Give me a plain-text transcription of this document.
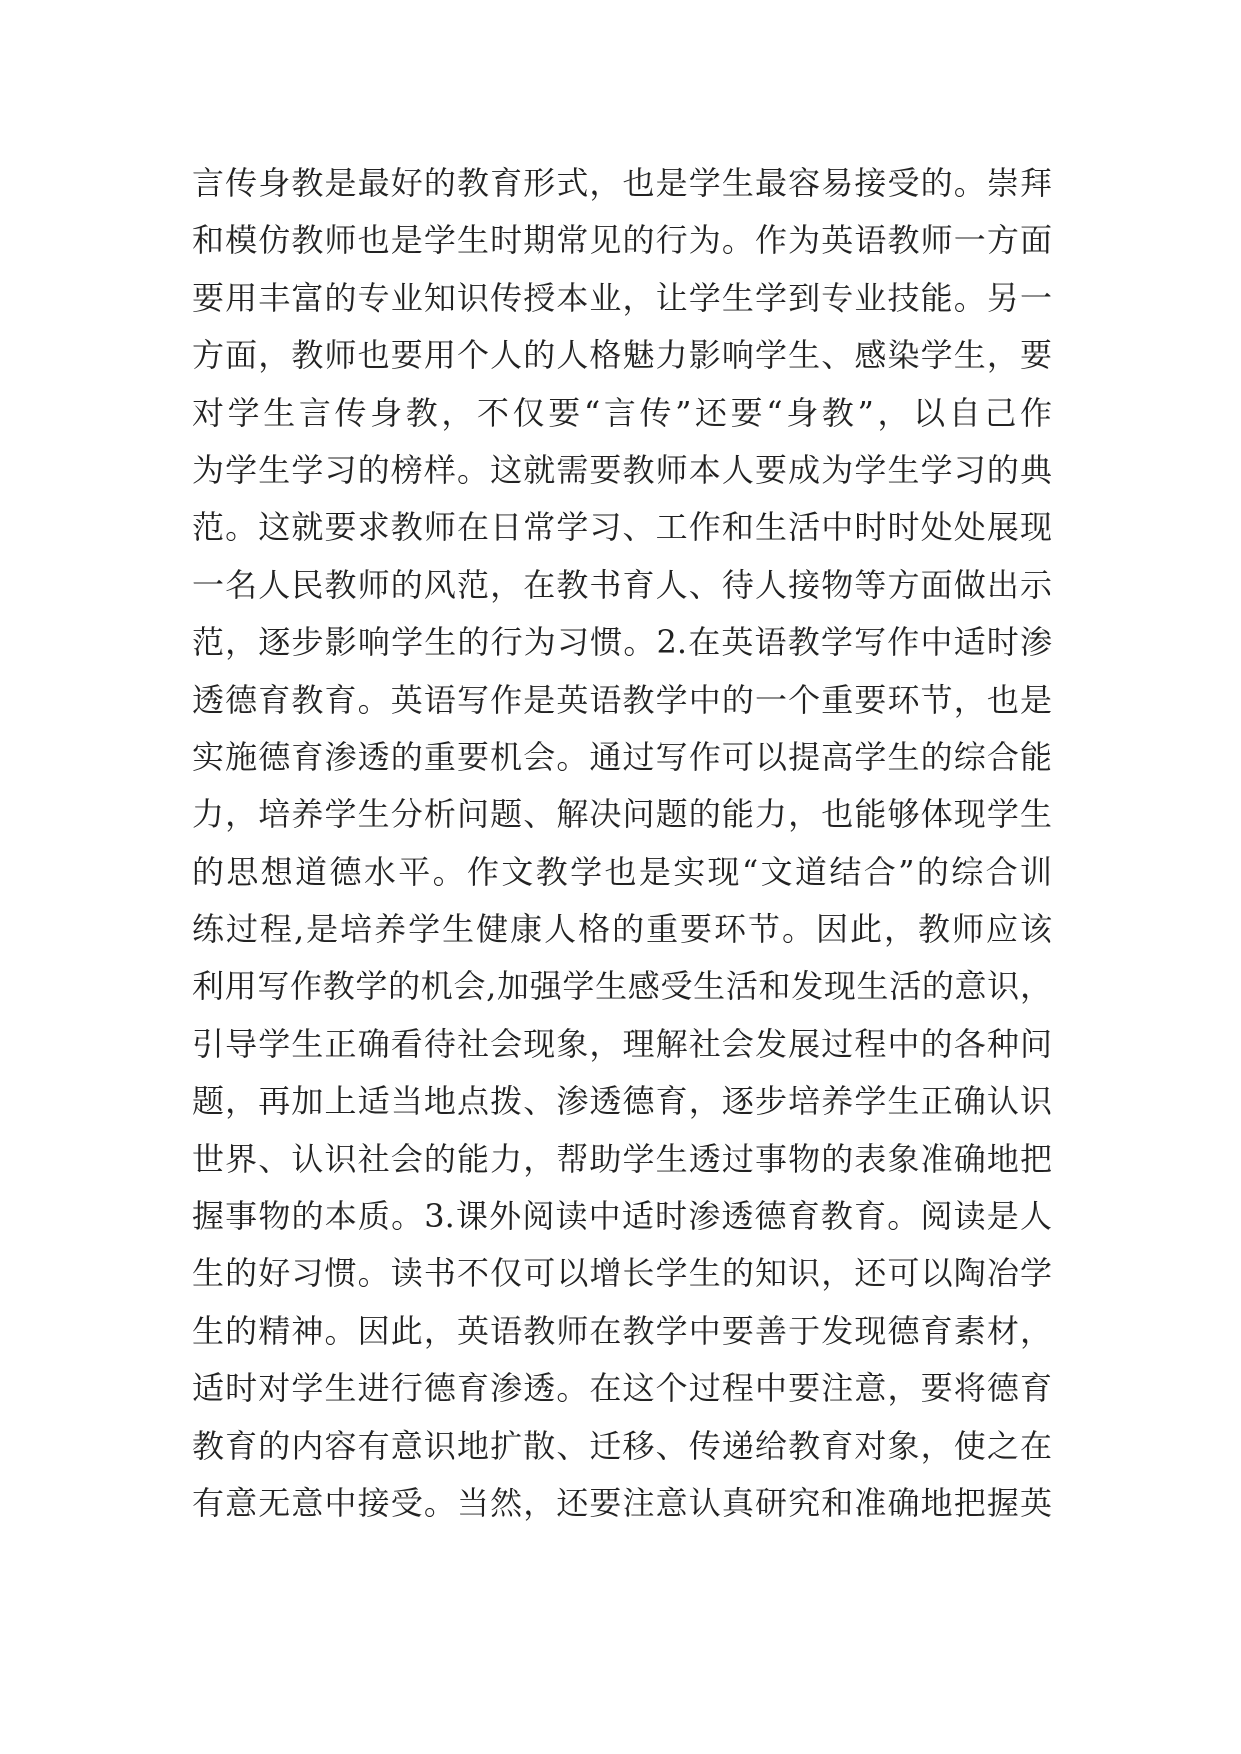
言传身教是最好的教育形式，也是学生最容易接受的。崇拜
和模仿教师也是学生时期常见的行为。作为英语教师一方面
要用丰富的专业知识传授本业，让学生学到专业技能。另一
方面，教师也要用个人的人格魅力影响学生、感染学生，要
对学生言传身教，不仅要“言传”还要“身教”，以自己作
为学生学习的榜样。这就需要教师本人要成为学生学习的典
范。这就要求教师在日常学习、工作和生活中时时处处展现
一名人民教师的风范，在教书育人、待人接物等方面做出示
范，逐步影响学生的行为习惯。2.在英语教学写作中适时渗
透德育教育。英语写作是英语教学中的一个重要环节，也是
实施德育渗透的重要机会。通过写作可以提高学生的综合能
力，培养学生分析问题、解决问题的能力，也能够体现学生
的思想道德水平。作文教学也是实现“文道结合”的综合训
练过程,是培养学生健康人格的重要环节。因此，教师应该
利用写作教学的机会,加强学生感受生活和发现生活的意识，
引导学生正确看待社会现象，理解社会发展过程中的各种问
题，再加上适当地点拨、渗透德育，逐步培养学生正确认识
世界、认识社会的能力，帮助学生透过事物的表象准确地把
握事物的本质。3.课外阅读中适时渗透德育教育。阅读是人
生的好习惯。读书不仅可以增长学生的知识，还可以陶冶学
生的精神。因此，英语教师在教学中要善于发现德育素材，
适时对学生进行德育渗透。在这个过程中要注意，要将德育
教育的内容有意识地扩散、迁移、传递给教育对象，使之在
有意无意中接受。当然，还要注意认真研究和准确地把握英
